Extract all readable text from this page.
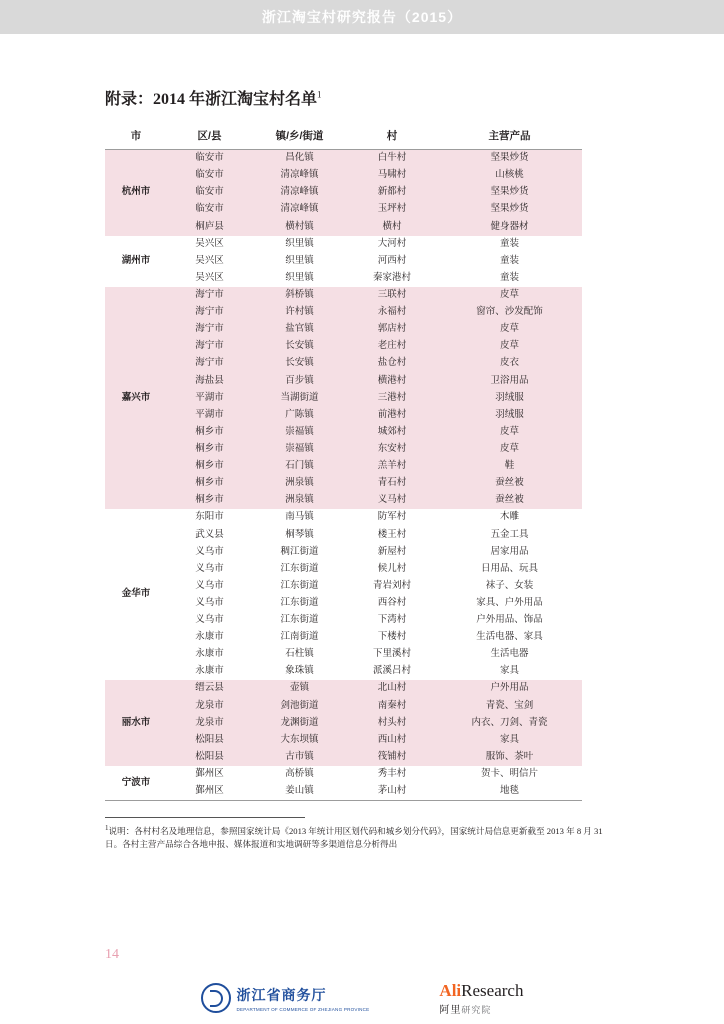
浙江淘宝村研究报告（2015）
附录：2014 年浙江淘宝村名单$^1$
市	区/县	镇/乡/街道	村	主营产品
杭州市	临安市	昌化镇	白牛村	坚果炒货
	临安市	清凉峰镇	马啸村	山核桃
	临安市	清凉峰镇	新都村	坚果炒货
	临安市	清凉峰镇	玉坪村	坚果炒货
	桐庐县	横村镇	横村	健身器材
湖州市	吴兴区	织里镇	大河村	童装
	吴兴区	织里镇	河西村	童装
	吴兴区	织里镇	秦家港村	童装
嘉兴市	海宁市	斜桥镇	三联村	皮草
	海宁市	许村镇	永福村	窗帘、沙发配饰
	海宁市	盐官镇	郭店村	皮草
	海宁市	长安镇	老庄村	皮草
	海宁市	长安镇	盐仓村	皮衣
	海盐县	百步镇	横港村	卫浴用品
	平湖市	当湖街道	三港村	羽绒服
	平湖市	广陈镇	前港村	羽绒服
	桐乡市	崇福镇	城郊村	皮草
	桐乡市	崇福镇	东安村	皮草
	桐乡市	石门镇	羔羊村	鞋
	桐乡市	洲泉镇	青石村	蚕丝被
	桐乡市	洲泉镇	义马村	蚕丝被
金华市	东阳市	南马镇	防军村	木雕
	武义县	桐琴镇	楼王村	五金工具
	义乌市	稠江街道	新屋村	居家用品
	义乌市	江东街道	候儿村	日用品、玩具
	义乌市	江东街道	青岩刘村	袜子、女装
	义乌市	江东街道	西谷村	家具、户外用品
	义乌市	江东街道	下湾村	户外用品、饰品
	永康市	江南街道	下楼村	生活电器、家具
	永康市	石柱镇	下里溪村	生活电器
	永康市	象珠镇	派溪吕村	家具
丽水市	缙云县	壶镇	北山村	户外用品
	龙泉市	剑池街道	南秦村	青瓷、宝剑
	龙泉市	龙渊街道	村头村	内衣、刀剑、青瓷
	松阳县	大东坝镇	西山村	家具
	松阳县	古市镇	筏铺村	服饰、茶叶
宁波市	鄞州区	高桥镇	秀丰村	贺卡、明信片
	鄞州区	姜山镇	茅山村	地毯
$^1$说明：各村村名及地理信息，参照国家统计局《2013 年统计用区划代码和城乡划分代码》，国家统计局信息更新截至 2013 年 8 月 31 日。各村主营产品综合各地申报、媒体报道和实地调研等多渠道信息分析得出
14
浙江省商务厅
DEPARTMENT OF COMMERCE OF ZHEJIANG PROVINCE
AliResearch
阿里研究院
